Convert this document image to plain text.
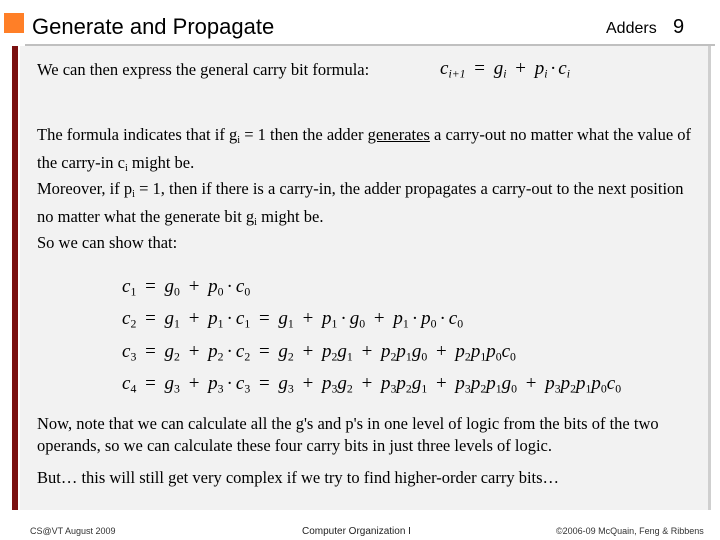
Generate and Propagate	Adders 9
We can then express the general carry bit formula:	$c_{i+1} = g_i + p_i \cdot c_i$
The formula indicates that if $g_i = 1$ then the adder generates a carry-out no matter what the value of the carry-in $c_i$ might be.
Moreover, if $p_i = 1$, then if there is a carry-in, the adder propagates a carry-out to the next position no matter what the generate bit $g_i$ might be.
So we can show that:
$c_1 = g_0 + p_0 \cdot c_0$
$c_2 = g_1 + p_1 \cdot c_1 = g_1 + p_1 \cdot g_0 + p_1 \cdot p_0 \cdot c_0$
$c_3 = g_2 + p_2 \cdot c_2 = g_2 + p_2g_1 + p_2p_1g_0 + p_2p_1p_0c_0$
$c_4 = g_3 + p_3 \cdot c_3 = g_3 + p_3g_2 + p_3p_2g_1 + p_3p_2p_1g_0 + p_3p_2p_1p_0c_0$
Now, note that we can calculate all the g's and p's in one level of logic from the bits of the two operands, so we can calculate these four carry bits in just three levels of logic.
But… this will still get very complex if we try to find higher-order carry bits…
CS@VT August 2009	Computer Organization I	©2006-09 McQuain, Feng & Ribbens
